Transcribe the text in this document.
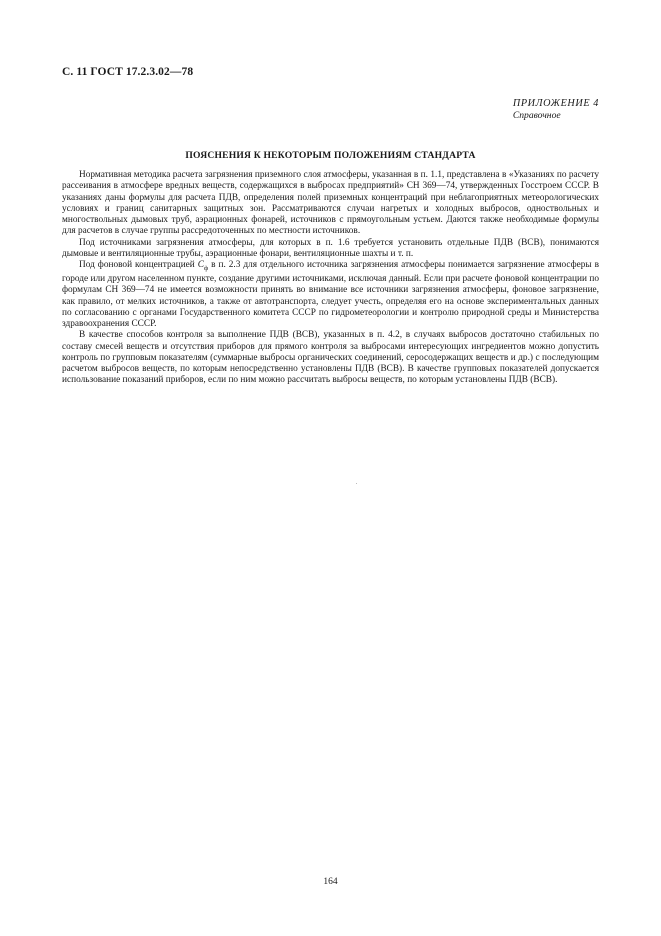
С. 11 ГОСТ 17.2.3.02—78
ПРИЛОЖЕНИЕ 4
Справочное
ПОЯСНЕНИЯ К НЕКОТОРЫМ ПОЛОЖЕНИЯМ СТАНДАРТА

Нормативная методика расчета загрязнения приземного слоя атмосферы, указанная в п. 1.1, представлена в «Указаниях по расчету рассеивания в атмосфере вредных веществ, содержащихся в выбросах предприятий» СН 369—74, утвержденных Госстроем СССР. В указаниях даны формулы для расчета ПДВ, определения полей приземных концентраций при неблагоприятных метеорологических условиях и границ санитарных защитных зон. Рассматриваются случаи нагретых и холодных выбросов, одноствольных и многоствольных дымовых труб, аэрационных фонарей, источников с прямоугольным устьем. Даются также необходимые формулы для расчетов в случае группы рассредоточенных по местности источников.

Под источниками загрязнения атмосферы, для которых в п. 1.6 требуется установить отдельные ПДВ (ВСВ), понимаются дымовые и вентиляционные трубы, аэрационные фонари, вентиляционные шахты и т. п.

Под фоновой концентрацией $C_ф$ в п. 2.3 для отдельного источника загрязнения атмосферы понимается загрязнение атмосферы в городе или другом населенном пункте, создание другими источниками, исключая данный. Если при расчете фоновой концентрации по формулам СН 369—74 не имеется возможности принять во внимание все источники загрязнения атмосферы, фоновое загрязнение, как правило, от мелких источников, а также от автотранспорта, следует учесть, определяя его на основе экспериментальных данных по согласованию с органами Государственного комитета СССР по гидрометеорологии и контролю природной среды и Министерства здравоохранения СССР.

В качестве способов контроля за выполнение ПДВ (ВСВ), указанных в п. 4.2, в случаях выбросов достаточно стабильных по составу смесей веществ и отсутствия приборов для прямого контроля за выбросами интересующих ингредиентов можно допустить контроль по групповым показателям (суммарные выбросы органических соединений, серосодержащих веществ и др.) с последующим расчетом выбросов веществ, по которым непосредственно установлены ПДВ (ВСВ). В качестве групповых показателей допускается использование показаний приборов, если по ним можно рассчитать выбросы веществ, по которым установлены ПДВ (ВСВ).

164
